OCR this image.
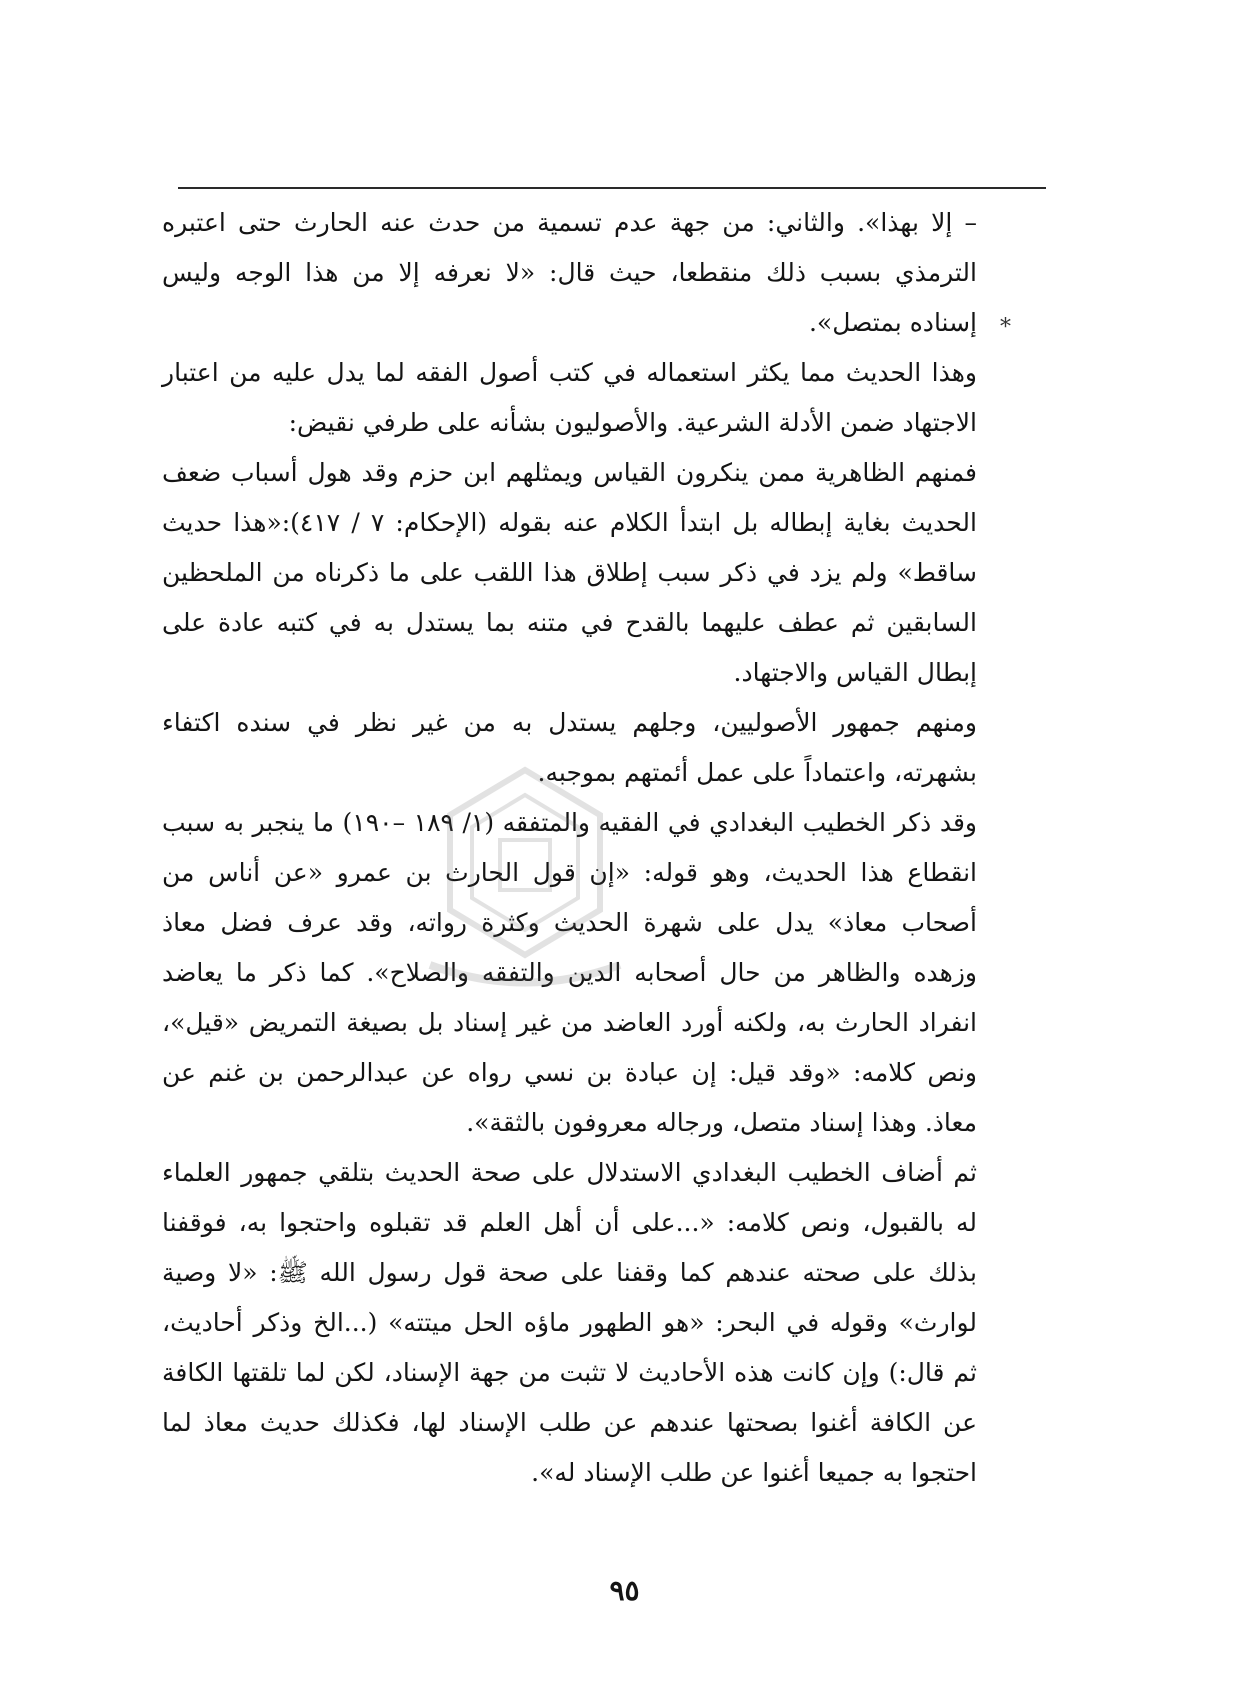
*

– إلا بهذا». والثاني: من جهة عدم تسمية من حدث عنه الحارث حتى اعتبره الترمذي بسبب ذلك منقطعا، حيث قال: «لا نعرفه إلا من هذا الوجه وليس إسناده بمتصل».

وهذا الحديث مما يكثر استعماله في كتب أصول الفقه لما يدل عليه من اعتبار الاجتهاد ضمن الأدلة الشرعية. والأصوليون بشأنه على طرفي نقيض:

فمنهم الظاهرية ممن ينكرون القياس ويمثلهم ابن حزم وقد هول أسباب ضعف الحديث بغاية إبطاله بل ابتدأ الكلام عنه بقوله (الإحكام: ٧ / ٤١٧):«هذا حديث ساقط» ولم يزد في ذكر سبب إطلاق هذا اللقب على ما ذكرناه من الملحظين السابقين ثم عطف عليهما بالقدح في متنه بما يستدل به في كتبه عادة على إبطال القياس والاجتهاد.

ومنهم جمهور الأصوليين، وجلهم يستدل به من غير نظر في سنده اكتفاء بشهرته، واعتماداً على عمل أئمتهم بموجبه.

وقد ذكر الخطيب البغدادي في الفقيه والمتفقه (١/ ١٨٩ –١٩٠) ما ينجبر به سبب انقطاع هذا الحديث، وهو قوله: «إن قول الحارث بن عمرو «عن أناس من أصحاب معاذ» يدل على شهرة الحديث وكثرة رواته، وقد عرف فضل معاذ وزهده والظاهر من حال أصحابه الدين والتفقه والصلاح». كما ذكر ما يعاضد انفراد الحارث به، ولكنه أورد العاضد من غير إسناد بل بصيغة التمريض «قيل»، ونص كلامه: «وقد قيل: إن عبادة بن نسي رواه عن عبدالرحمن بن غنم عن معاذ. وهذا إسناد متصل، ورجاله معروفون بالثقة».

ثم أضاف الخطيب البغدادي الاستدلال على صحة الحديث بتلقي جمهور العلماء له بالقبول، ونص كلامه: «...على أن أهل العلم قد تقبلوه واحتجوا به، فوقفنا بذلك على صحته عندهم كما وقفنا على صحة قول رسول الله ﷺ: «لا وصية لوارث» وقوله في البحر: «هو الطهور ماؤه الحل ميتته» (...الخ وذكر أحاديث، ثم قال:) وإن كانت هذه الأحاديث لا تثبت من جهة الإسناد، لكن لما تلقتها الكافة عن الكافة أغنوا بصحتها عندهم عن طلب الإسناد لها، فكذلك حديث معاذ لما احتجوا به جميعا أغنوا عن طلب الإسناد له».

٩٥
